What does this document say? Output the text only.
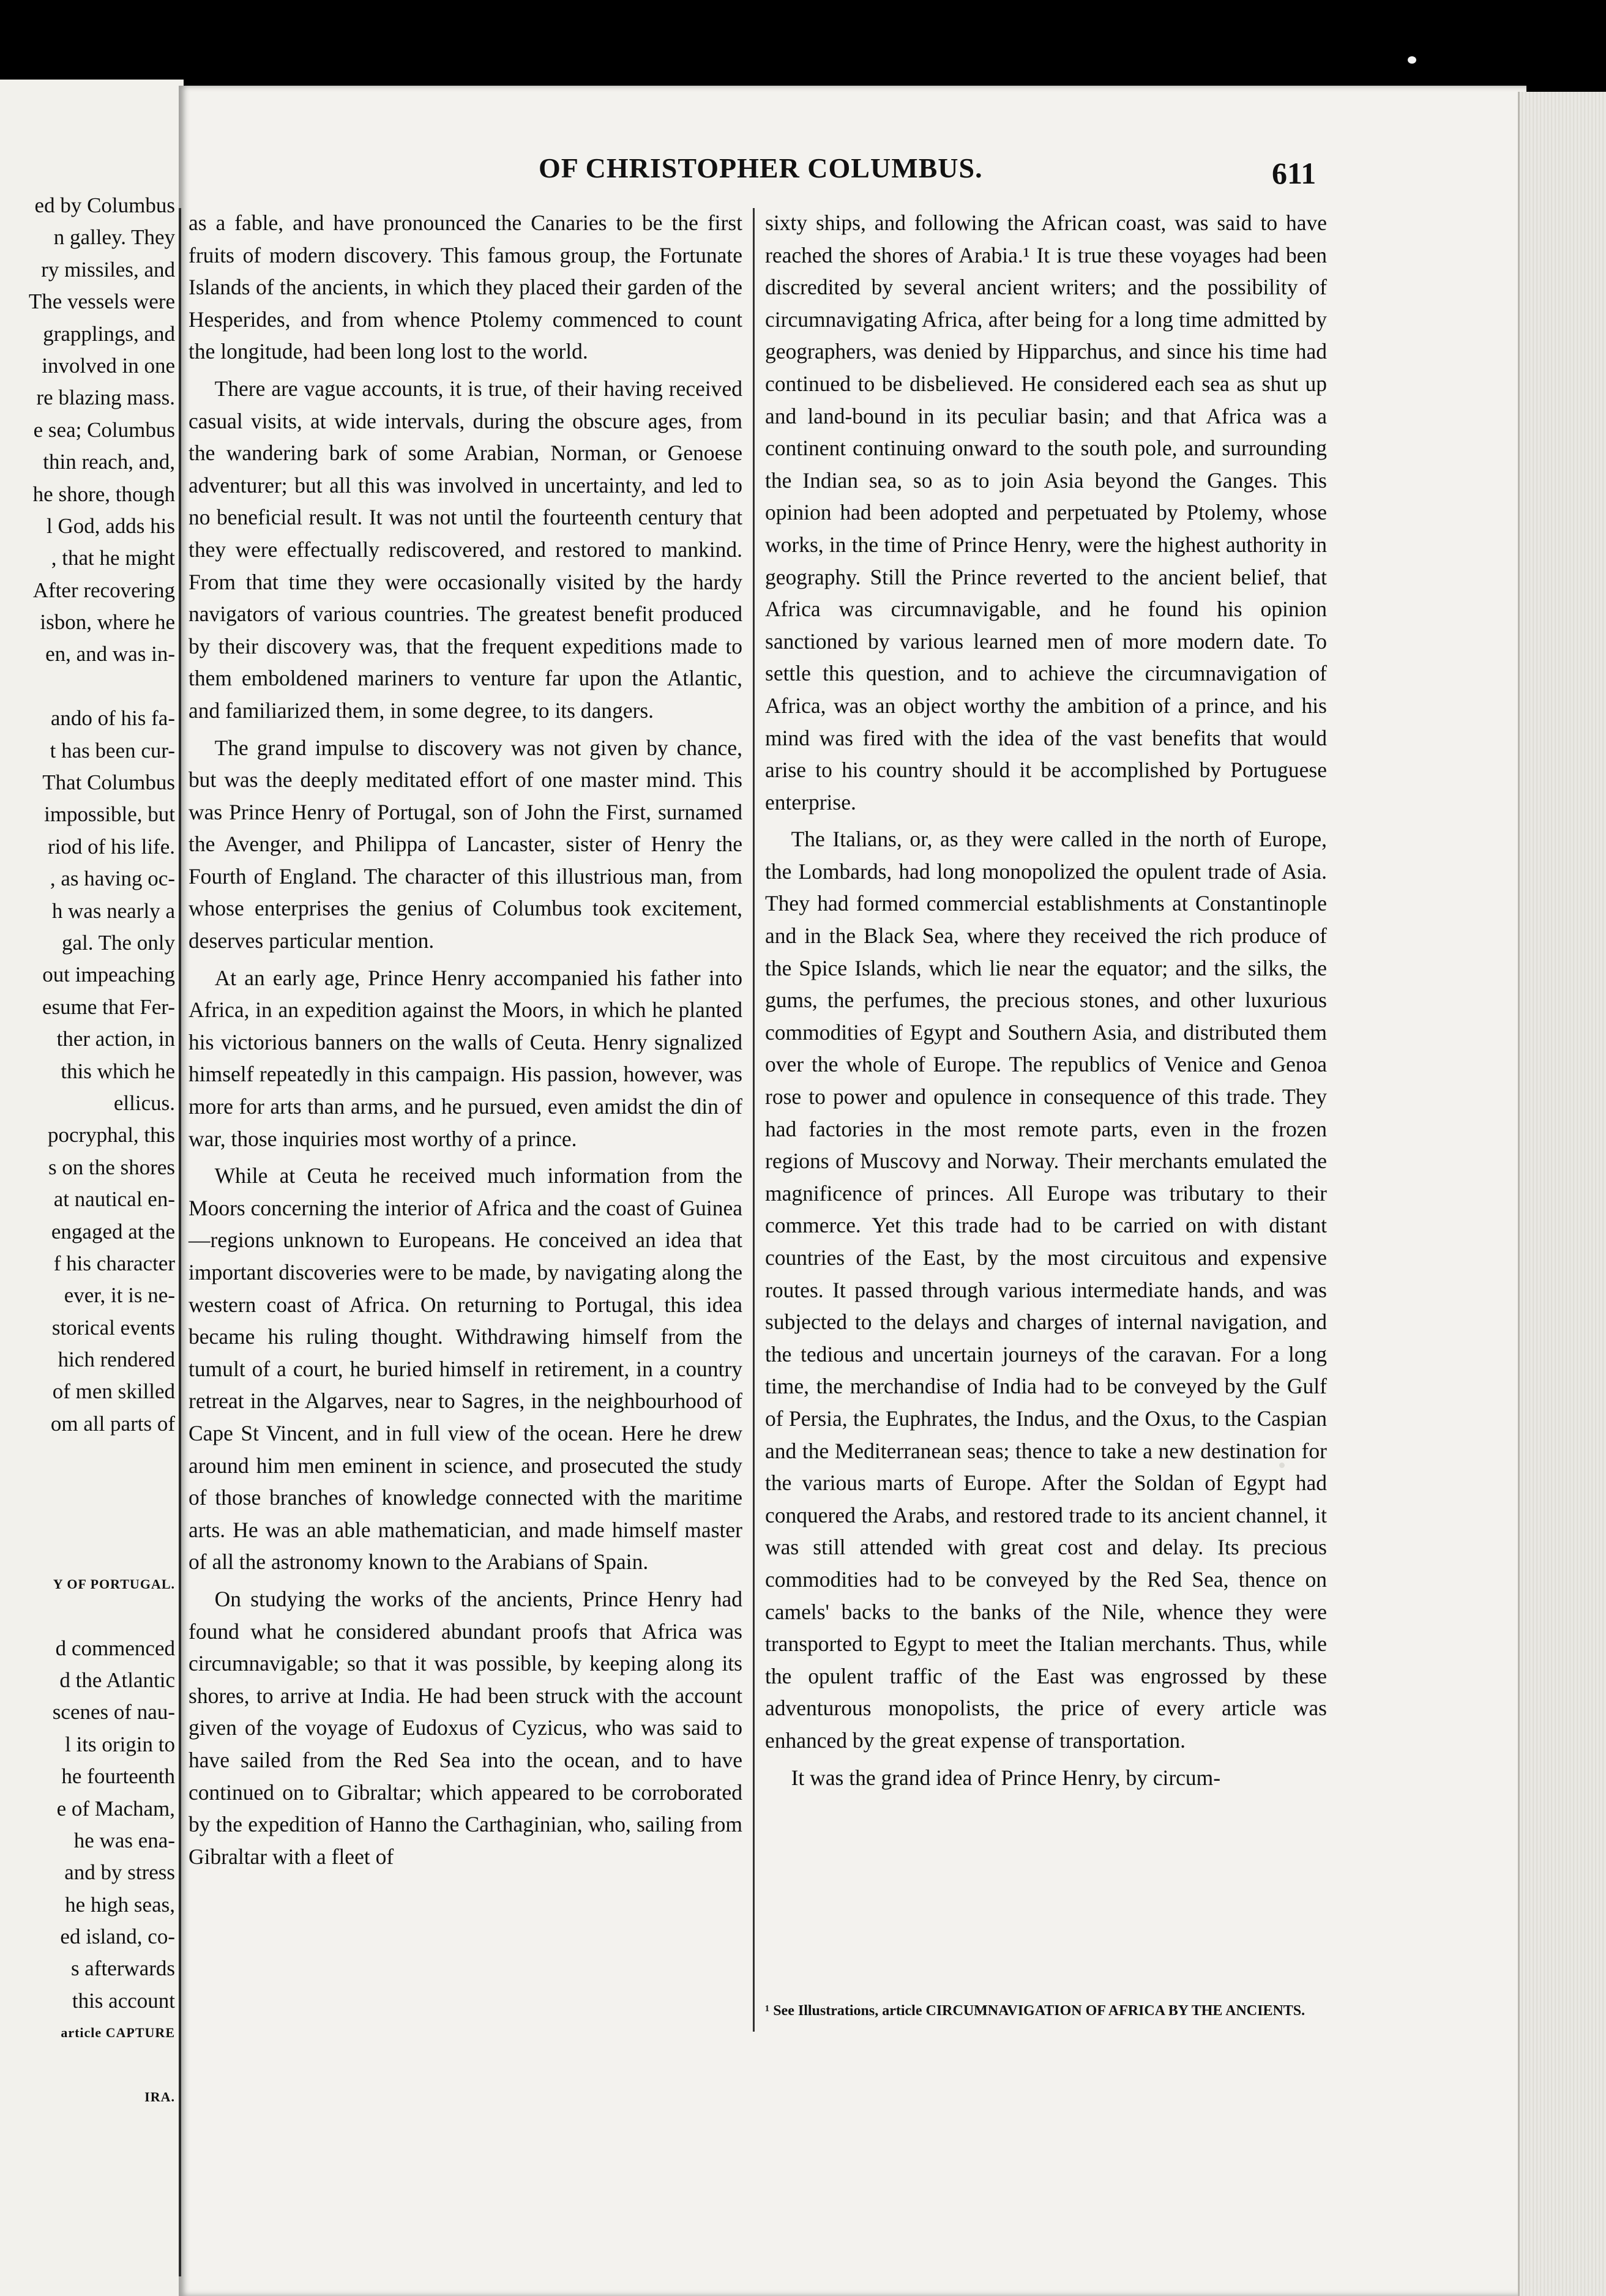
ed by Columbus
n galley. They
ry missiles, and
The vessels were
grapplings, and
involved in one
re blazing mass.
e sea; Columbus
thin reach, and,
he shore, though
l God, adds his
, that he might
After recovering
isbon, where he
en, and was in-
ando of his fa-
t has been cur-
That Columbus
impossible, but
riod of his life.
, as having oc-
h was nearly a
gal. The only
out impeaching
esume that Fer-
ther action, in
this which he
ellicus.
pocryphal, this
s on the shores
at nautical en-
engaged at the
f his character
ever, it is ne-
storical events
hich rendered
of men skilled
om all parts of
Y OF PORTUGAL.
d commenced
d the Atlantic
scenes of nau-
l its origin to
he fourteenth
e of Macham,
he was ena-
and by stress
he high seas,
ed island, co-
s afterwards
this account
article CAPTURE
IRA.
OF CHRISTOPHER COLUMBUS.	611

as a fable, and have pronounced the Canaries to be the first fruits of modern discovery. This famous group, the Fortunate Islands of the ancients, in which they placed their garden of the Hesperides, and from whence Ptolemy commenced to count the longitude, had been long lost to the world.

There are vague accounts, it is true, of their having received casual visits, at wide intervals, during the obscure ages, from the wandering bark of some Arabian, Norman, or Genoese adventurer; but all this was involved in uncertainty, and led to no beneficial result. It was not until the fourteenth century that they were effectually rediscovered, and restored to mankind. From that time they were occasionally visited by the hardy navigators of various countries. The greatest benefit produced by their discovery was, that the frequent expeditions made to them emboldened mariners to venture far upon the Atlantic, and familiarized them, in some degree, to its dangers.

The grand impulse to discovery was not given by chance, but was the deeply meditated effort of one master mind. This was Prince Henry of Portugal, son of John the First, surnamed the Avenger, and Philippa of Lancaster, sister of Henry the Fourth of England. The character of this illustrious man, from whose enterprises the genius of Columbus took excitement, deserves particular mention.

At an early age, Prince Henry accompanied his father into Africa, in an expedition against the Moors, in which he planted his victorious banners on the walls of Ceuta. Henry signalized himself repeatedly in this campaign. His passion, however, was more for arts than arms, and he pursued, even amidst the din of war, those inquiries most worthy of a prince.

While at Ceuta he received much information from the Moors concerning the interior of Africa and the coast of Guinea—regions unknown to Europeans. He conceived an idea that important discoveries were to be made, by navigating along the western coast of Africa. On returning to Portugal, this idea became his ruling thought. Withdrawing himself from the tumult of a court, he buried himself in retirement, in a country retreat in the Algarves, near to Sagres, in the neighbourhood of Cape St Vincent, and in full view of the ocean. Here he drew around him men eminent in science, and prosecuted the study of those branches of knowledge connected with the maritime arts. He was an able mathematician, and made himself master of all the astronomy known to the Arabians of Spain.

On studying the works of the ancients, Prince Henry had found what he considered abundant proofs that Africa was circumnavigable; so that it was possible, by keeping along its shores, to arrive at India. He had been struck with the account given of the voyage of Eudoxus of Cyzicus, who was said to have sailed from the Red Sea into the ocean, and to have continued on to Gibraltar; which appeared to be corroborated by the expedition of Hanno the Carthaginian, who, sailing from Gibraltar with a fleet of

sixty ships, and following the African coast, was said to have reached the shores of Arabia.¹ It is true these voyages had been discredited by several ancient writers; and the possibility of circumnavigating Africa, after being for a long time admitted by geographers, was denied by Hipparchus, and since his time had continued to be disbelieved. He considered each sea as shut up and land-bound in its peculiar basin; and that Africa was a continent continuing onward to the south pole, and surrounding the Indian sea, so as to join Asia beyond the Ganges. This opinion had been adopted and perpetuated by Ptolemy, whose works, in the time of Prince Henry, were the highest authority in geography. Still the Prince reverted to the ancient belief, that Africa was circumnavigable, and he found his opinion sanctioned by various learned men of more modern date. To settle this question, and to achieve the circumnavigation of Africa, was an object worthy the ambition of a prince, and his mind was fired with the idea of the vast benefits that would arise to his country should it be accomplished by Portuguese enterprise.

The Italians, or, as they were called in the north of Europe, the Lombards, had long monopolized the opulent trade of Asia. They had formed commercial establishments at Constantinople and in the Black Sea, where they received the rich produce of the Spice Islands, which lie near the equator; and the silks, the gums, the perfumes, the precious stones, and other luxurious commodities of Egypt and Southern Asia, and distributed them over the whole of Europe. The republics of Venice and Genoa rose to power and opulence in consequence of this trade. They had factories in the most remote parts, even in the frozen regions of Muscovy and Norway. Their merchants emulated the magnificence of princes. All Europe was tributary to their commerce. Yet this trade had to be carried on with distant countries of the East, by the most circuitous and expensive routes. It passed through various intermediate hands, and was subjected to the delays and charges of internal navigation, and the tedious and uncertain journeys of the caravan. For a long time, the merchandise of India had to be conveyed by the Gulf of Persia, the Euphrates, the Indus, and the Oxus, to the Caspian and the Mediterranean seas; thence to take a new destination for the various marts of Europe. After the Soldan of Egypt had conquered the Arabs, and restored trade to its ancient channel, it was still attended with great cost and delay. Its precious commodities had to be conveyed by the Red Sea, thence on camels' backs to the banks of the Nile, whence they were transported to Egypt to meet the Italian merchants. Thus, while the opulent traffic of the East was engrossed by these adventurous monopolists, the price of every article was enhanced by the great expense of transportation.

It was the grand idea of Prince Henry, by circum-

¹ See Illustrations, article CIRCUMNAVIGATION OF AFRICA BY THE ANCIENTS.
